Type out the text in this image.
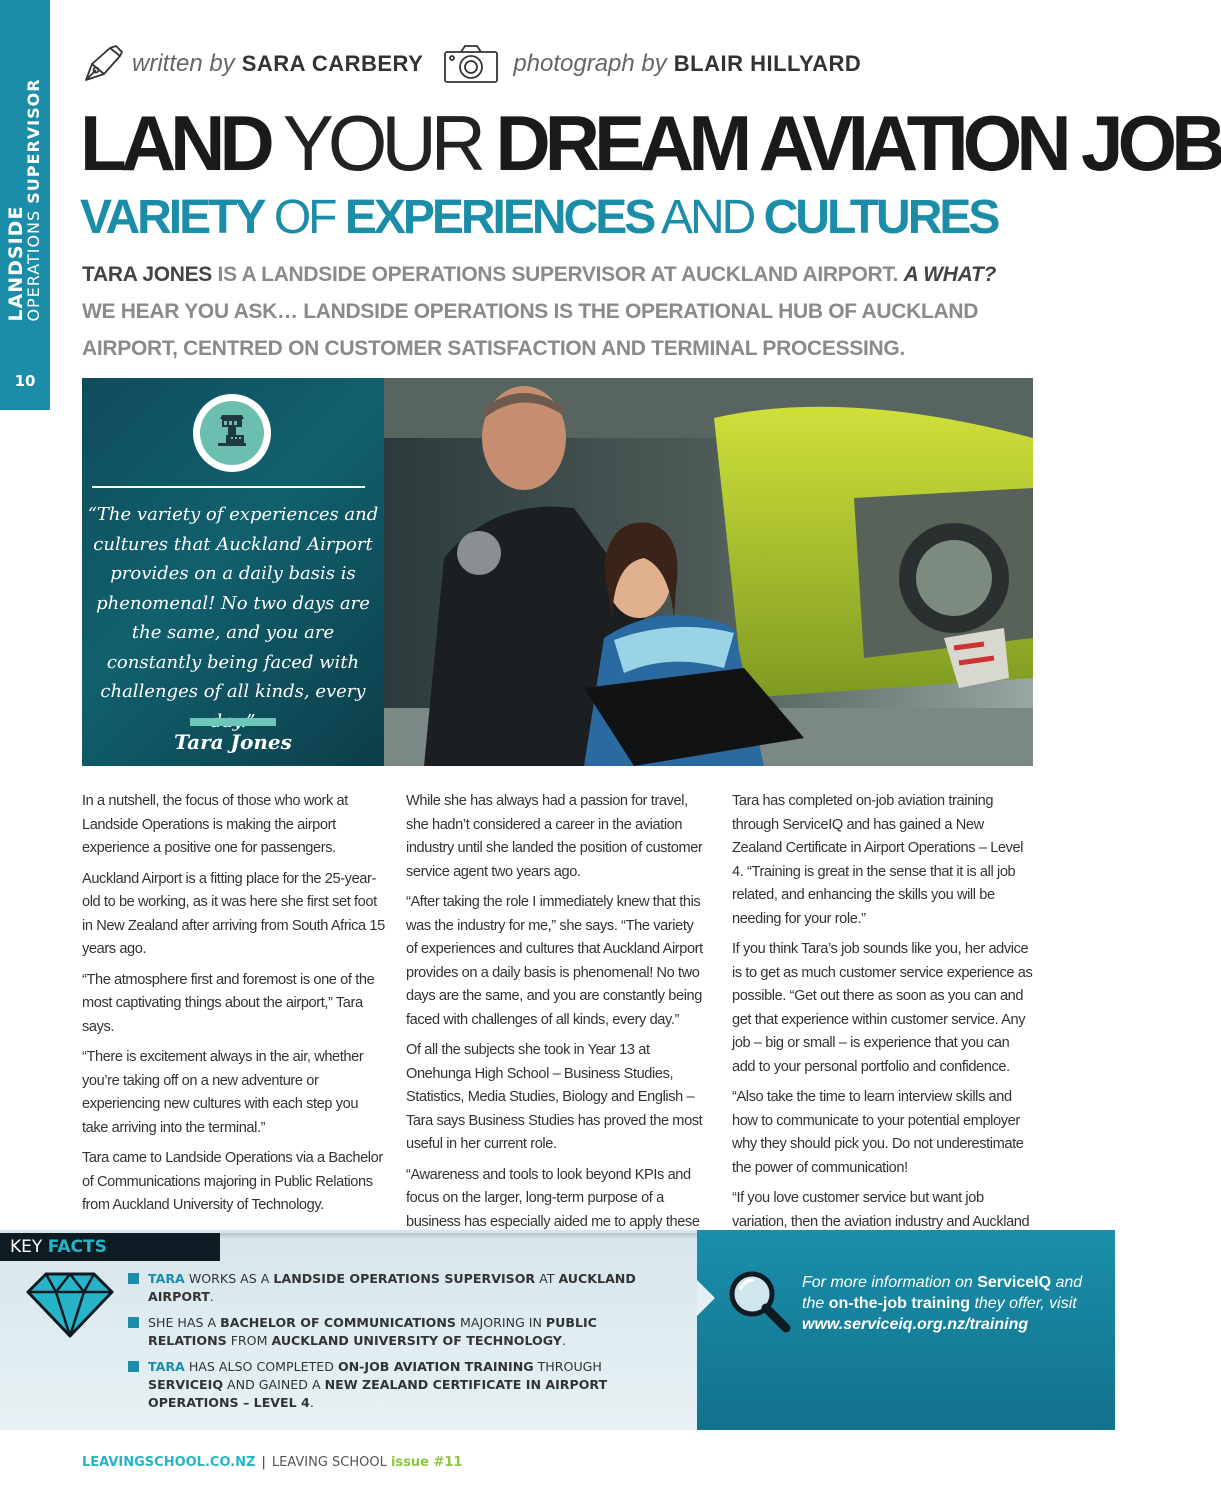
LANDSIDE
OPERATIONS SUPERVISOR
10
written by SARA CARBERY	photograph by BLAIR HILLYARD
LAND YOUR DREAM AVIATION JOB
VARIETY OF EXPERIENCES AND CULTURES
TARA JONES IS A LANDSIDE OPERATIONS SUPERVISOR AT AUCKLAND AIRPORT. A WHAT? WE HEAR YOU ASK… LANDSIDE OPERATIONS IS THE OPERATIONAL HUB OF AUCKLAND AIRPORT, CENTRED ON CUSTOMER SATISFACTION AND TERMINAL PROCESSING.
“The variety of experiences and cultures that Auckland Airport provides on a daily basis is phenomenal! No two days are the same, and you are constantly being faced with challenges of all kinds, every
Tara Jones

In a nutshell, the focus of those who work at Landside Operations is making the airport experience a positive one for passengers.

Auckland Airport is a fitting place for the 25-year-old to be working, as it was here she first set foot in New Zealand after arriving from South Africa 15 years ago.

“The atmosphere first and foremost is one of the most captivating things about the airport,” Tara says.

“There is excitement always in the air, whether you’re taking off on a new adventure or experiencing new cultures with each step you take arriving into the terminal.”

Tara came to Landside Operations via a Bachelor of Communications majoring in Public Relations from Auckland University of Technology.

While she has always had a passion for travel, she hadn’t considered a career in the aviation industry until she landed the position of customer service agent two years ago.

“After taking the role I immediately knew that this was the industry for me,” she says. “The variety of experiences and cultures that Auckland Airport provides on a daily basis is phenomenal! No two days are the same, and you are constantly being faced with challenges of all kinds, every day.”

Of all the subjects she took in Year 13 at Onehunga High School – Business Studies, Statistics, Media Studies, Biology and English – Tara says Business Studies has proved the most useful in her current role.

“Awareness and tools to look beyond KPIs and focus on the larger, long-term purpose of a business has especially aided me to apply these

Tara has completed on-job aviation training through ServiceIQ and has gained a New Zealand Certificate in Airport Operations – Level 4. “Training is great in the sense that it is all job related, and enhancing the skills you will be needing for your role.”

If you think Tara’s job sounds like you, her advice is to get as much customer service experience as possible. “Get out there as soon as you can and get that experience within customer service. Any job – big or small – is experience that you can add to your personal portfolio and confidence.

“Also take the time to learn interview skills and how to communicate to your potential employer why they should pick you. Do not underestimate the power of communication!

“If you love customer service but want job variation, then the aviation industry and Auckland

KEY FACTS
TARA WORKS AS A LANDSIDE OPERATIONS SUPERVISOR AT AUCKLAND AIRPORT.
SHE HAS A BACHELOR OF COMMUNICATIONS MAJORING IN PUBLIC RELATIONS FROM AUCKLAND UNIVERSITY OF TECHNOLOGY.
TARA HAS ALSO COMPLETED ON-JOB AVIATION TRAINING THROUGH SERVICEIQ AND GAINED A NEW ZEALAND CERTIFICATE IN AIRPORT OPERATIONS – LEVEL 4.
For more information on ServiceIQ and the on-the-job training they offer, visit www.serviceiq.org.nz/training
LEAVINGSCHOOL.CO.NZ | LEAVING SCHOOL issue #11
